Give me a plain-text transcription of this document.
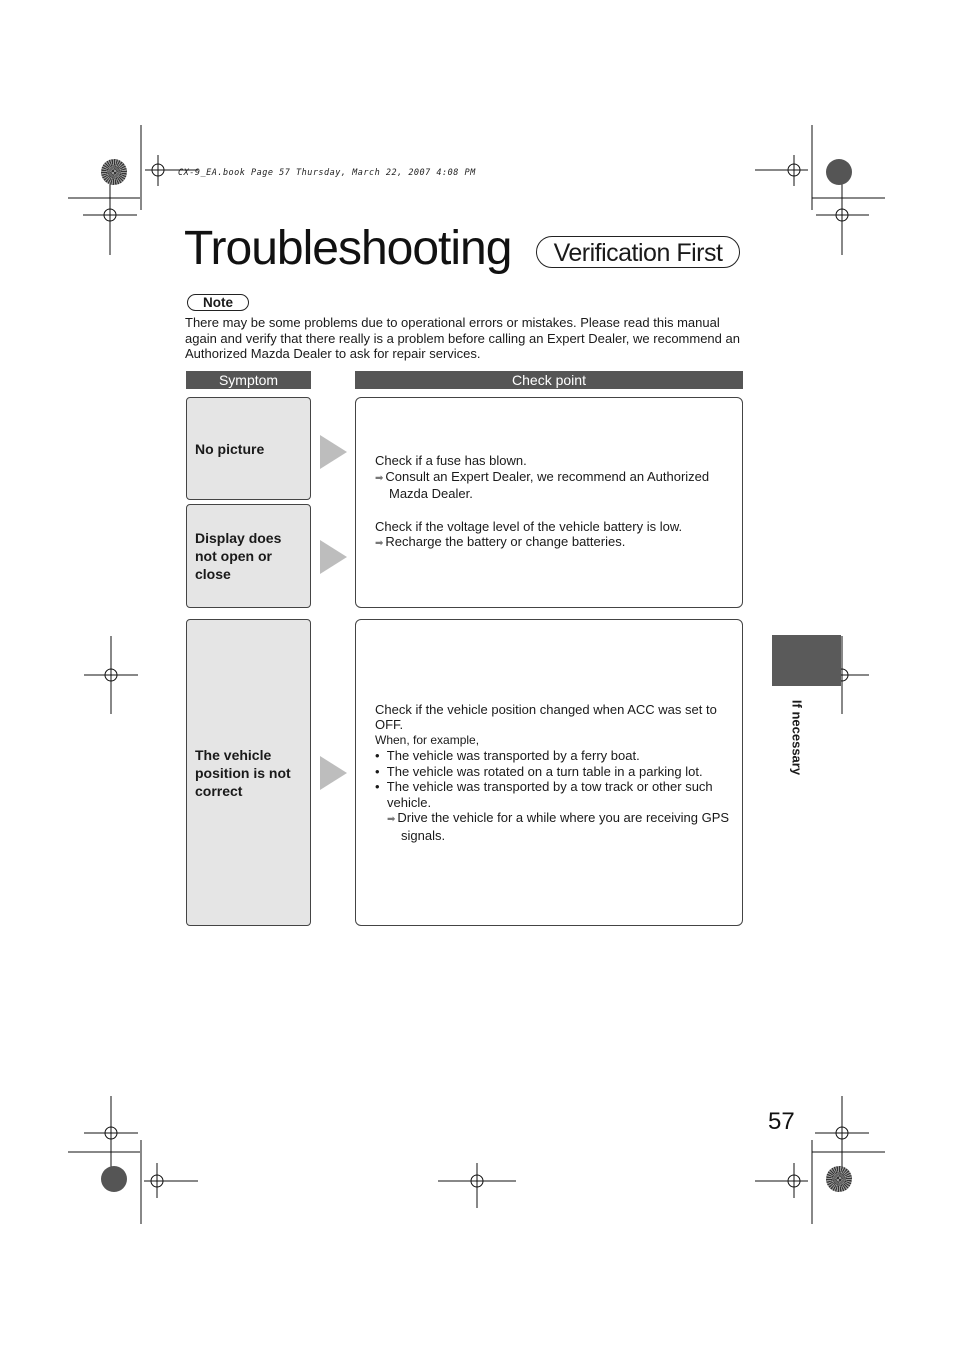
CX-9_EA.book Page 57 Thursday, March 22, 2007 4:08 PM
Troubleshooting	Verification First
Note
There may be some problems due to operational errors or mistakes. Please read this manual again and verify that there really is a problem before calling an Expert Dealer, we recommend an Authorized Mazda Dealer to ask for repair services.
Symptom	Check point
No picture
Display does not open or close
The vehicle position is not correct
Check if a fuse has blown.
➡ Consult an Expert Dealer, we recommend an Authorized Mazda Dealer.
Check if the voltage level of the vehicle battery is low.
➡ Recharge the battery or change batteries.
Check if the vehicle position changed when ACC was set to OFF.
When, for example,
•  The vehicle was transported by a ferry boat.
•  The vehicle was rotated on a turn table in a parking lot.
•  The vehicle was transported by a tow track or other such vehicle.
➡ Drive the vehicle for a while where you are receiving GPS signals.
If necessary
57
